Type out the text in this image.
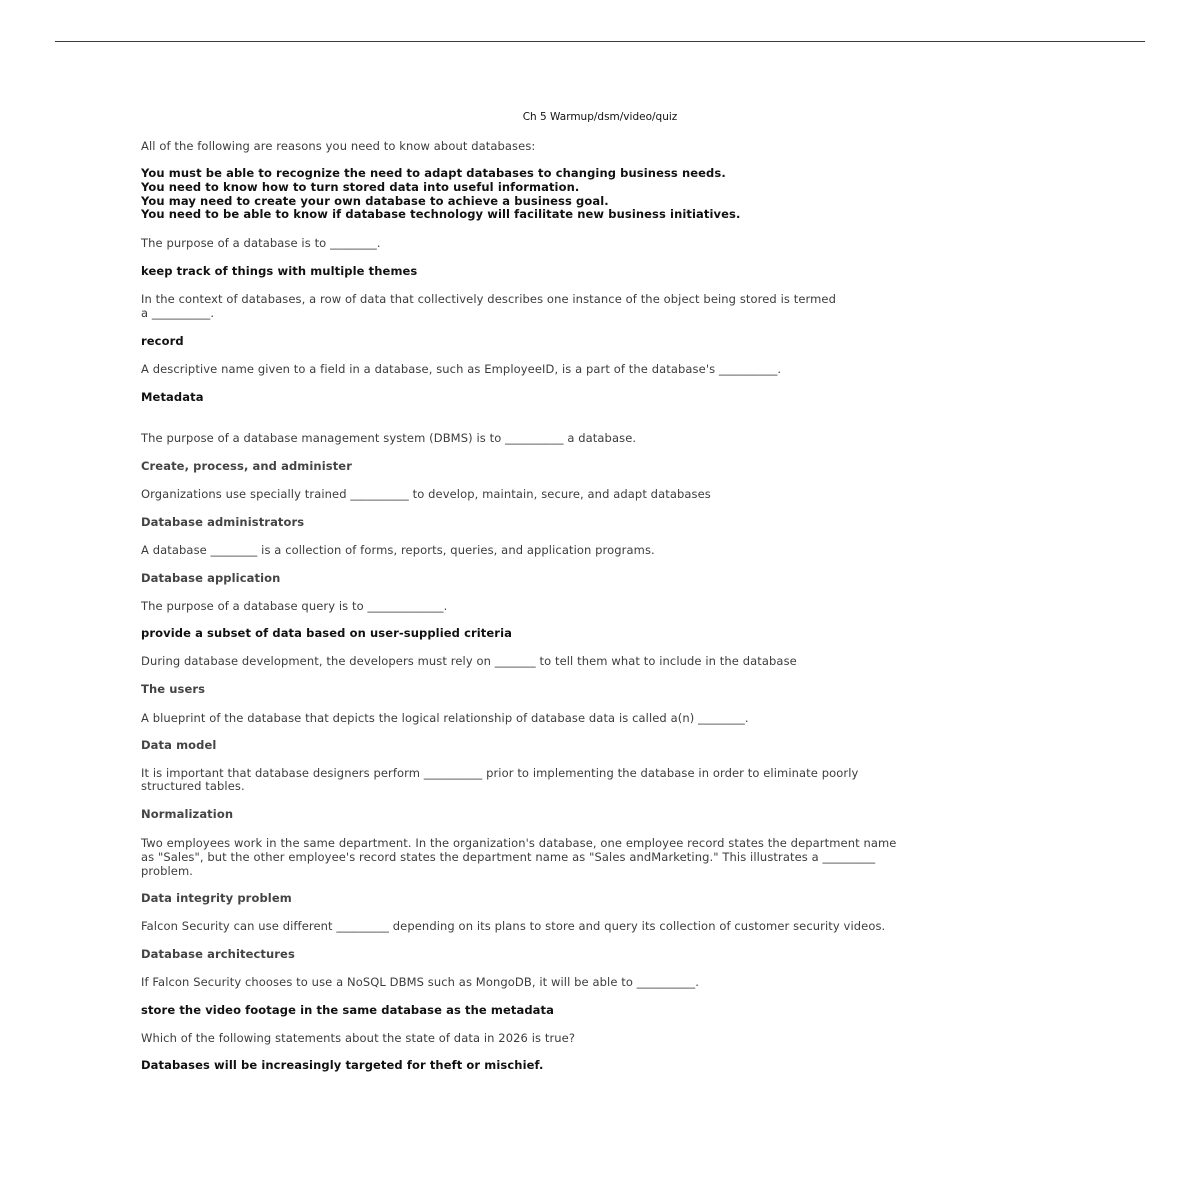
Ch 5 Warmup/dsm/video/quiz
All of the following are reasons you need to know about databases:
You must be able to recognize the need to adapt databases to changing business needs.
You need to know how to turn stored data into useful information.
You may need to create your own database to achieve a business goal.
You need to be able to know if database technology will facilitate new business initiatives.
The purpose of a database is to ________.
keep track of things with multiple themes
In the context of databases, a row of data that collectively describes one instance of the object being stored is termed
a __________.
record
A descriptive name given to a field in a database, such as EmployeeID, is a part of the database's __________.
Metadata
The purpose of a database management system (DBMS) is to __________ a database.
Create, process, and administer
Organizations use specially trained __________ to develop, maintain, secure, and adapt databases
Database administrators
A database ________ is a collection of forms, reports, queries, and application programs.
Database application
The purpose of a database query is to _____________.
provide a subset of data based on user-supplied criteria
During database development, the developers must rely on _______ to tell them what to include in the database
The users
A blueprint of the database that depicts the logical relationship of database data is called a(n) ________.
Data model
It is important that database designers perform __________ prior to implementing the database in order to eliminate poorly
structured tables.
Normalization
Two employees work in the same department. In the organization's database, one employee record states the department name
as "Sales", but the other employee's record states the department name as "Sales andMarketing." This illustrates a _________
problem.
Data integrity problem
Falcon Security can use different _________ depending on its plans to store and query its collection of customer security videos.
Database architectures
If Falcon Security chooses to use a NoSQL DBMS such as MongoDB, it will be able to __________.
store the video footage in the same database as the metadata
Which of the following statements about the state of data in 2026 is true?
Databases will be increasingly targeted for theft or mischief.
